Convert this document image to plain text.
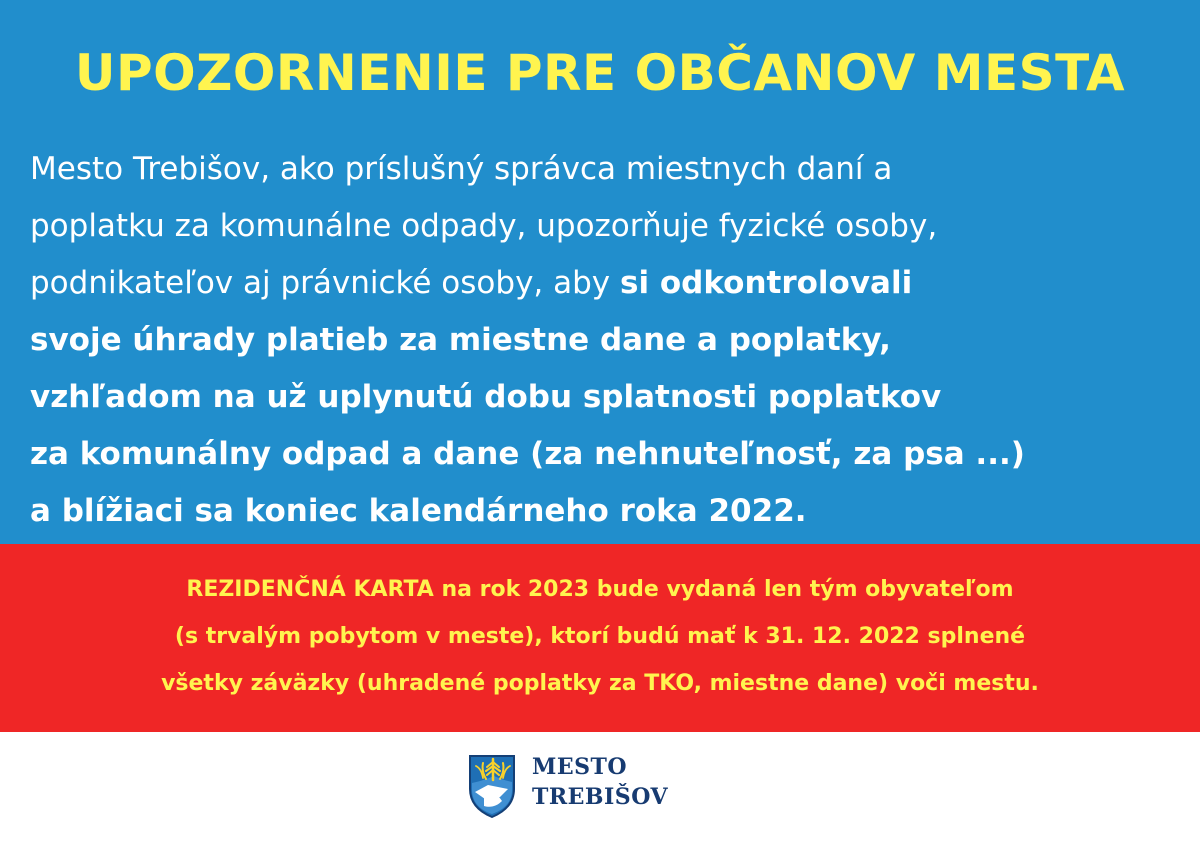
UPOZORNENIE PRE OBČANOV MESTA

Mesto Trebišov, ako príslušný správca miestnych daní a
poplatku za komunálne odpady, upozorňuje fyzické osoby,
podnikateľov aj právnické osoby, aby si odkontrolovali
svoje úhrady platieb za miestne dane a poplatky,
vzhľadom na už uplynutú dobu splatnosti poplatkov
za komunálny odpad a dane (za nehnuteľnosť, za psa ...)
a blížiaci sa koniec kalendárneho roka 2022.

REZIDENČNÁ KARTA na rok 2023 bude vydaná len tým obyvateľom
(s trvalým pobytom v meste), ktorí budú mať k 31. 12. 2022 splnené
všetky záväzky (uhradené poplatky za TKO, miestne dane) voči mestu.

MESTO
TREBIŠOV
